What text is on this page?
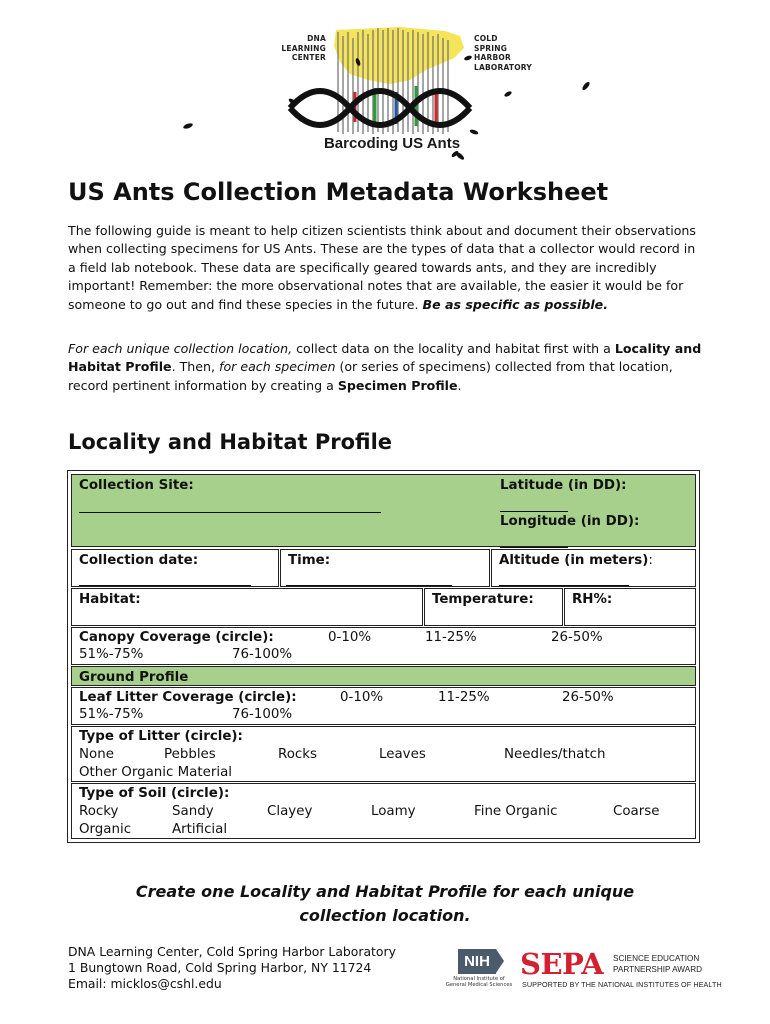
DNA
LEARNING
CENTER
COLD
SPRING
HARBOR
LABORATORY
Barcoding US Ants
US Ants Collection Metadata Worksheet
The following guide is meant to help citizen scientists think about and document their observations when collecting specimens for US Ants. These are the types of data that a collector would record in a field lab notebook. These data are specifically geared towards ants, and they are incredibly important! Remember: the more observational notes that are available, the easier it would be for someone to go out and find these species in the future. Be as specific as possible.
For each unique collection location, collect data on the locality and habitat first with a Locality and Habitat Profile. Then, for each specimen (or series of specimens) collected from that location, record pertinent information by creating a Specimen Profile.
Locality and Habitat Profile
Collection Site:	Latitude (in DD):
Longitude (in DD):
Collection date:	Time:	Altitude (in meters):
Habitat:	Temperature:	RH%:
Canopy Coverage (circle):	0-10%	11-25%	26-50%
51%-75%	76-100%
Ground Profile
Leaf Litter Coverage (circle):	0-10%	11-25%	26-50%
51%-75%	76-100%
Type of Litter (circle):
None	Pebbles	Rocks	Leaves	Needles/thatch
Other Organic Material
Type of Soil (circle):
Rocky	Sandy	Clayey	Loamy	Fine Organic	Coarse
Organic	Artificial
Create one Locality and Habitat Profile for each unique
collection location.
DNA Learning Center, Cold Spring Harbor Laboratory
1 Bungtown Road, Cold Spring Harbor, NY 11724
Email: micklos@cshl.edu
NIH
National Institute of
General Medical Sciences
SEPA SCIENCE EDUCATION
PARTNERSHIP AWARD
SUPPORTED BY THE NATIONAL INSTITUTES OF HEALTH
